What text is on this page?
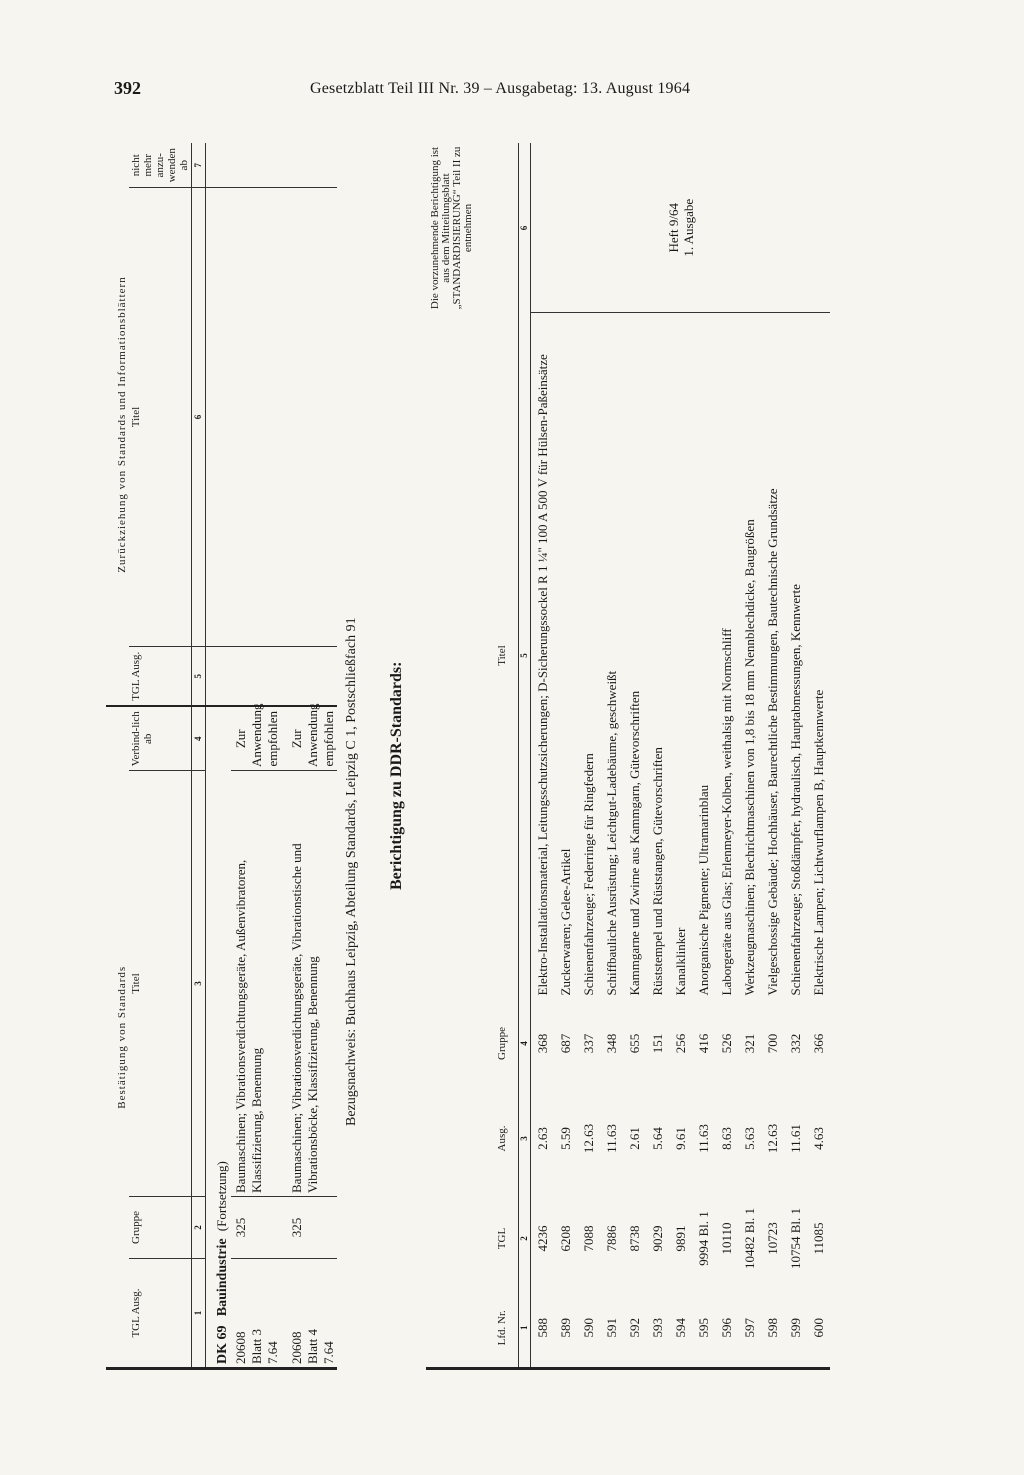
392	Gesetzblatt Teil III Nr. 39 – Ausgabetag: 13. August 1964
Bestätigung von Standards				Zurückziehung von Standards und Informationsblättern		
TGL Ausg.	Gruppe	Titel	Verbind-lich ab	TGL Ausg.	Titel	nicht mehr anzu-wenden ab
1	2	3	4	5	6	7
DK 69 Bauindustrie (Fortsetzung)						

20608 Blatt 3 7.64	325	Baumaschinen; Vibrationsverdichtungsgeräte, Außenvibratoren, Klassifizierung, Benennung	Zur Anwendung empfohlen			

20608 Blatt 4 7.64	325	Baumaschinen; Vibrationsverdichtungsgeräte, Vibrationstische und Vibrationsböcke, Klassifizierung, Benennung	Zur Anwendung empfohlen			Bezugsnachweis: Buchhaus Leipzig, Abteilung Standards, Leipzig C 1, Postschließfach 91 Berichtigung zu DDR-Standards:
Lfd. Nr.	TGL	Ausg.	Gruppe	Titel	Die vorzunehmende Berichtigung ist aus dem Mitteilungsblatt „STANDARDISIERUNG“ Teil II zu entnehmen
1	2	3	4	5	6
588	4236	2.63	368	Elektro-Installationsmaterial, Leitungsschutzsicherungen; D-Sicherungssockel R 1 ¼" 100 A 500 V für Hülsen-Paßeinsätze	Heft 9/64 1. Ausgabe

589	6208	5.59	687	Zuckerwaren; Gelee-Artikel	
590	7088	12.63	337	Schienenfahrzeuge; Federringe für Ringfedern	
591	7886	11.63	348	Schiffbauliche Ausrüstung; Leichtgut-Ladebäume, geschweißt	
592	8738	2.61	655	Kammgarne und Zwirne aus Kammgarn, Gütevorschriften	
593	9029	5.64	151	Rüststempel und Rüststangen, Gütevorschriften	
594	9891	9.61	256	Kanalklinker	
595	9994 Bl. 1	11.63	416	Anorganische Pigmente; Ultramarinblau	
596	10110	8.63	526	Laborgeräte aus Glas; Erlenmeyer-Kolben, weithalsig mit Normschliff	
597	10482 Bl. 1	5.63	321	Werkzeugmaschinen; Blechrichtmaschinen von 1,8 bis 18 mm Nennblechdicke, Baugrößen	
598	10723	12.63	700	Vielgeschossige Gebäude; Hochhäuser, Baurechtliche Bestimmungen, Bautechnische Grundsätze	
599	10754 Bl. 1	11.61	332	Schienenfahrzeuge; Stoßdämpfer, hydraulisch, Hauptabmessungen, Kennwerte	
600	11085	4.63	366	Elektrische Lampen; Lichtwurflampen B, Hauptkennwerte	
